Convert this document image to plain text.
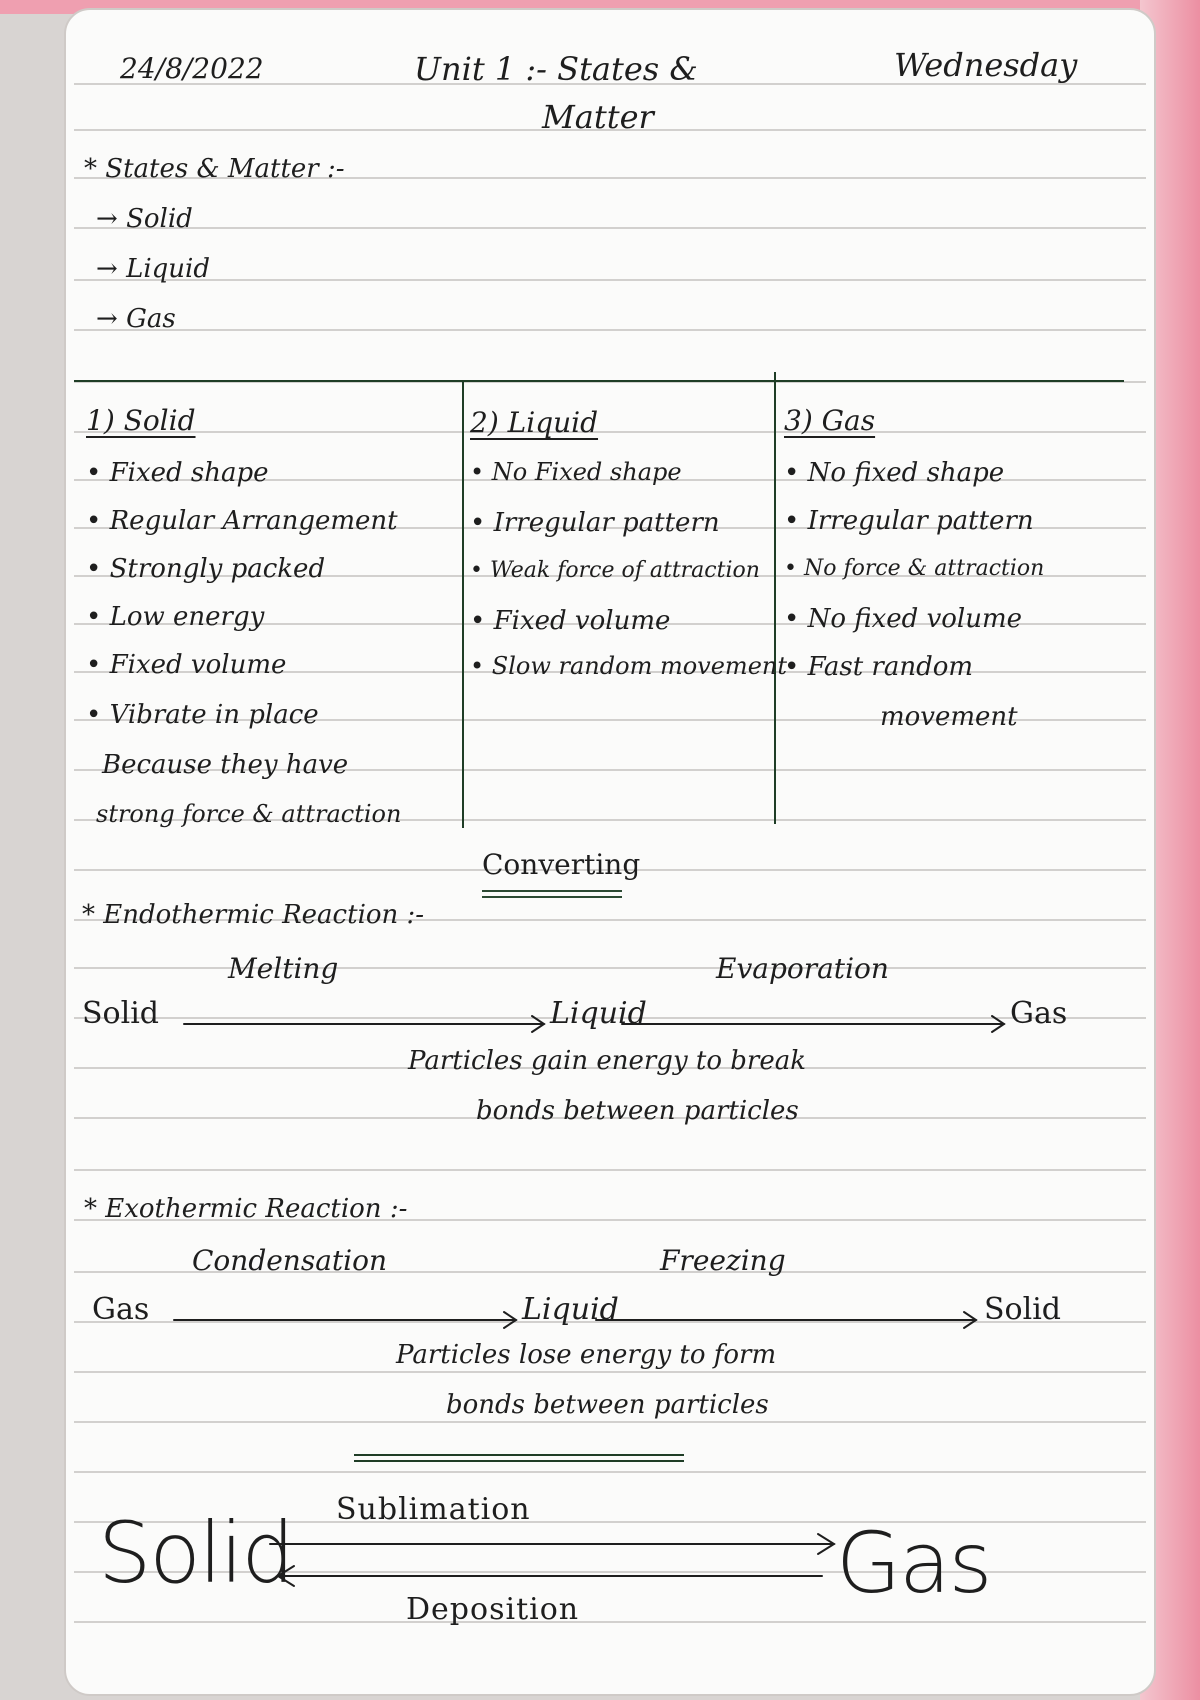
24/8/2022	Unit 1 :- States &
Matter
Wednesday
* States & Matter :-
→ Solid
→ Liquid
→ Gas
1) Solid
• Fixed shape
• Regular Arrangement
• Strongly packed
• Low energy
• Fixed volume
• Vibrate in place
Because they have
strong force & attraction
2) Liquid
• No Fixed shape
• Irregular pattern
• Weak force of attraction
• Fixed volume
• Slow random movement
3) Gas
• No fixed shape
• Irregular pattern
• No force & attraction
• No fixed volume
• Fast random
movement
Converting
* Endothermic Reaction :-
Melting	Evaporation
Solid	Liquid	Gas
Particles gain energy to break
bonds between particles
* Exothermic Reaction :-
Condensation	Freezing
Gas	Liquid	Solid
Particles lose energy to form
bonds between particles
Sublimation
Deposition
Solid	Gas
